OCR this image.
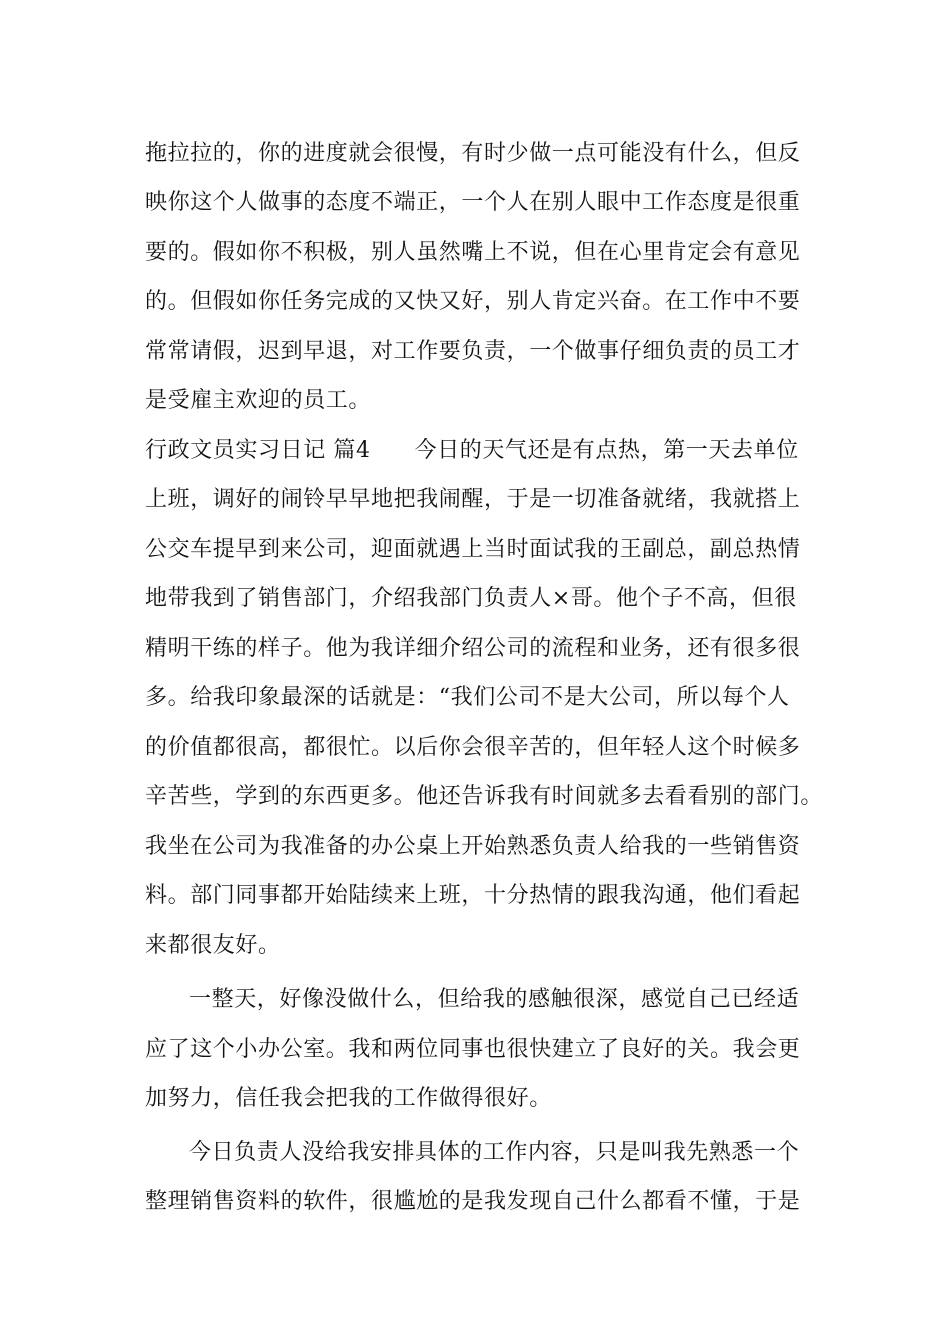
拖拉拉的，你的进度就会很慢，有时少做一点可能没有什么，但反
映你这个人做事的态度不端正，一个人在别人眼中工作态度是很重
要的。假如你不积极，别人虽然嘴上不说，但在心里肯定会有意见
的。但假如你任务完成的又快又好，别人肯定兴奋。在工作中不要
常常请假，迟到早退，对工作要负责，一个做事仔细负责的员工才
是受雇主欢迎的员工。
行政文员实习日记 篇4 今日的天气还是有点热，第一天去单位
上班，调好的闹铃早早地把我闹醒，于是一切准备就绪，我就搭上
公交车提早到来公司，迎面就遇上当时面试我的王副总，副总热情
地带我到了销售部门，介绍我部门负责人×哥。他个子不高，但很
精明干练的样子。他为我详细介绍公司的流程和业务，还有很多很
多。给我印象最深的话就是：“我们公司不是大公司，所以每个人
的价值都很高，都很忙。以后你会很辛苦的，但年轻人这个时候多
辛苦些，学到的东西更多。他还告诉我有时间就多去看看别的部门。
我坐在公司为我准备的办公桌上开始熟悉负责人给我的一些销售资
料。部门同事都开始陆续来上班，十分热情的跟我沟通，他们看起
来都很友好。
一整天，好像没做什么，但给我的感触很深，感觉自己已经适
应了这个小办公室。我和两位同事也很快建立了良好的关。我会更
加努力，信任我会把我的工作做得很好。
今日负责人没给我安排具体的工作内容，只是叫我先熟悉一个
整理销售资料的软件，很尴尬的是我发现自己什么都看不懂，于是
